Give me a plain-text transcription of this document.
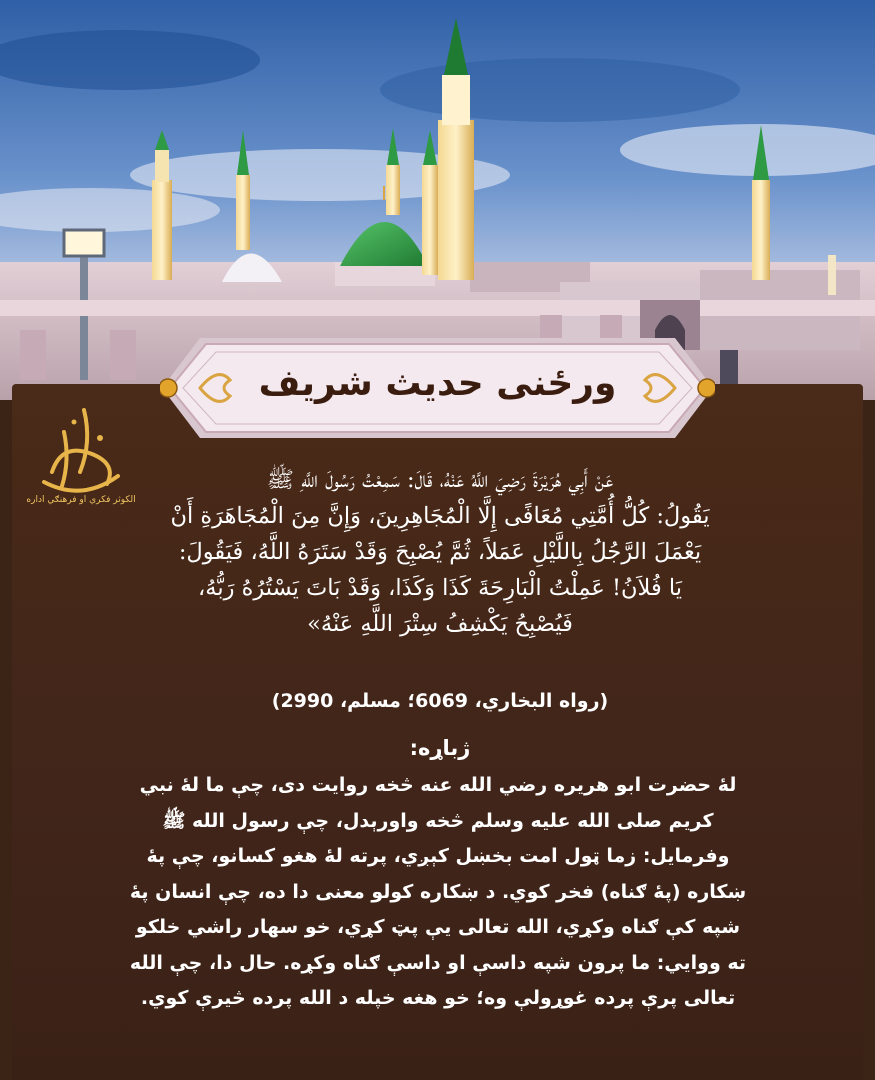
ورځنی حدیث شریف
الکوثر فکري او فرهنګي اداره

عَنْ أَبِي هُرَيْرَةَ رَضِيَ اللَّهُ عَنْهُ، قَالَ: سَمِعْتُ رَسُولَ اللَّهِ ﷺ

يَقُولُ: كُلُّ أُمَّتِي مُعَافًى إِلَّا الْمُجَاهِرِينَ، وَإِنَّ مِنَ الْمُجَاهَرَةِ أَنْ

يَعْمَلَ الرَّجُلُ بِاللَّيْلِ عَمَلاً، ثُمَّ يُصْبِحَ وَقَدْ سَتَرَهُ اللَّهُ، فَيَقُولَ:

يَا فُلاَنُ! عَمِلْتُ الْبَارِحَةَ كَذَا وَكَذَا، وَقَدْ بَاتَ يَسْتُرُهُ رَبُّهُ،

فَيُصْبِحُ يَكْشِفُ سِتْرَ اللَّهِ عَنْهُ»

(رواه البخاري، 6069؛ مسلم، 2990)
ژباړه:

لهٔ حضرت ابو هریره رضي الله عنه څخه روایت دی، چې ما لهٔ نبي

کریم صلی الله علیه وسلم څخه واورېدل، چې رسول الله ﷺ

وفرمایل: زما ټول امت بخښل کېږي، پرته لهٔ هغو کسانو، چې پهٔ

ښکاره (پهٔ ګناه) فخر کوي. د ښکاره کولو معنی دا ده، چې انسان پهٔ

شپه کې ګناه وکړي، الله تعالی یې پټ کړي، خو سهار راشي خلکو

ته ووایي: ما پرون شپه داسې او داسې ګناه وکړه. حال دا، چې الله

تعالی پرې پرده غوړولې وه؛ خو هغه خپله د الله پرده څیرې کوي.
